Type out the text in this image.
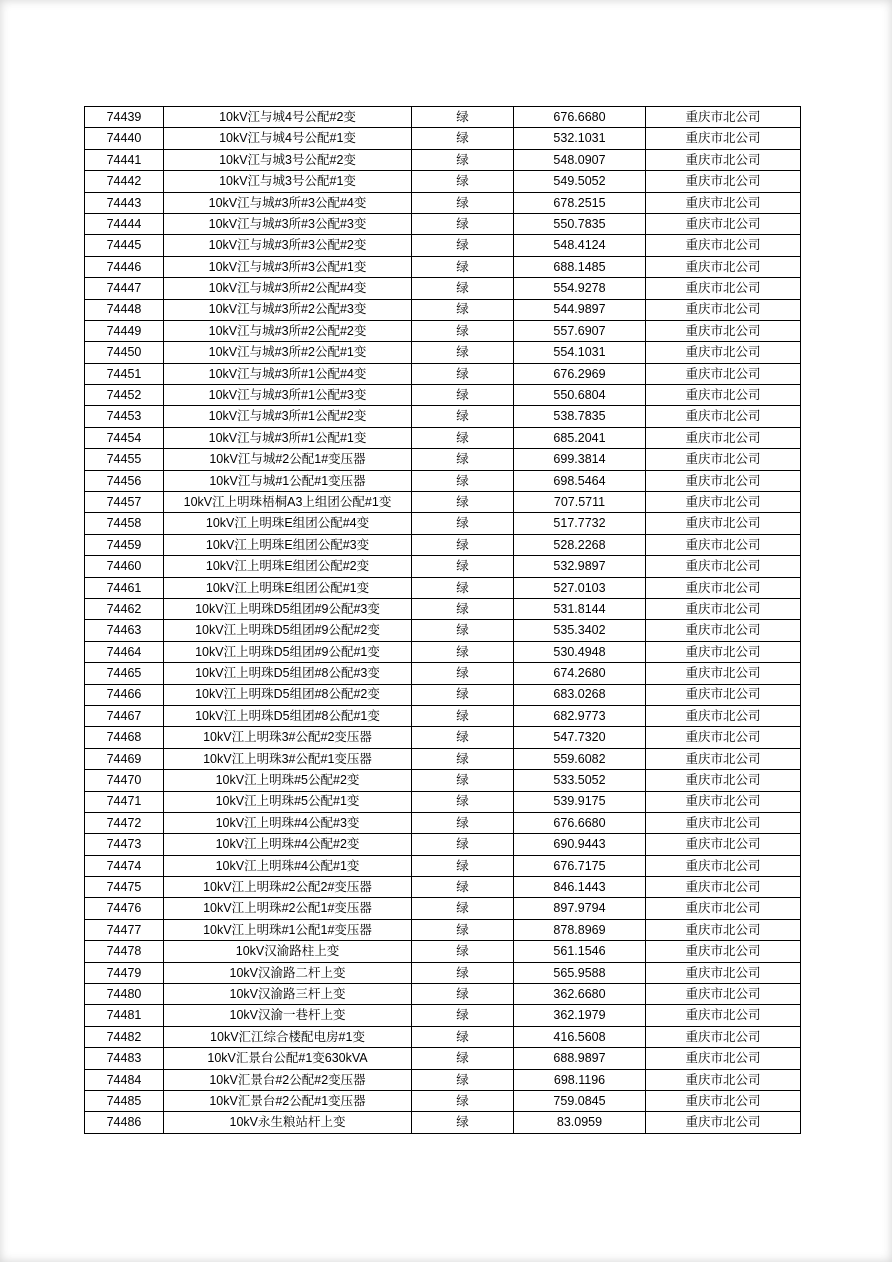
74439	10kV江与城4号公配#2变	绿	676.6680	重庆市北公司
74440	10kV江与城4号公配#1变	绿	532.1031	重庆市北公司
74441	10kV江与城3号公配#2变	绿	548.0907	重庆市北公司
74442	10kV江与城3号公配#1变	绿	549.5052	重庆市北公司
74443	10kV江与城#3所#3公配#4变	绿	678.2515	重庆市北公司
74444	10kV江与城#3所#3公配#3变	绿	550.7835	重庆市北公司
74445	10kV江与城#3所#3公配#2变	绿	548.4124	重庆市北公司
74446	10kV江与城#3所#3公配#1变	绿	688.1485	重庆市北公司
74447	10kV江与城#3所#2公配#4变	绿	554.9278	重庆市北公司
74448	10kV江与城#3所#2公配#3变	绿	544.9897	重庆市北公司
74449	10kV江与城#3所#2公配#2变	绿	557.6907	重庆市北公司
74450	10kV江与城#3所#2公配#1变	绿	554.1031	重庆市北公司
74451	10kV江与城#3所#1公配#4变	绿	676.2969	重庆市北公司
74452	10kV江与城#3所#1公配#3变	绿	550.6804	重庆市北公司
74453	10kV江与城#3所#1公配#2变	绿	538.7835	重庆市北公司
74454	10kV江与城#3所#1公配#1变	绿	685.2041	重庆市北公司
74455	10kV江与城#2公配1#变压器	绿	699.3814	重庆市北公司
74456	10kV江与城#1公配#1变压器	绿	698.5464	重庆市北公司
74457	10kV江上明珠梧桐A3上组团公配#1变	绿	707.5711	重庆市北公司
74458	10kV江上明珠E组团公配#4变	绿	517.7732	重庆市北公司
74459	10kV江上明珠E组团公配#3变	绿	528.2268	重庆市北公司
74460	10kV江上明珠E组团公配#2变	绿	532.9897	重庆市北公司
74461	10kV江上明珠E组团公配#1变	绿	527.0103	重庆市北公司
74462	10kV江上明珠D5组团#9公配#3变	绿	531.8144	重庆市北公司
74463	10kV江上明珠D5组团#9公配#2变	绿	535.3402	重庆市北公司
74464	10kV江上明珠D5组团#9公配#1变	绿	530.4948	重庆市北公司
74465	10kV江上明珠D5组团#8公配#3变	绿	674.2680	重庆市北公司
74466	10kV江上明珠D5组团#8公配#2变	绿	683.0268	重庆市北公司
74467	10kV江上明珠D5组团#8公配#1变	绿	682.9773	重庆市北公司
74468	10kV江上明珠3#公配#2变压器	绿	547.7320	重庆市北公司
74469	10kV江上明珠3#公配#1变压器	绿	559.6082	重庆市北公司
74470	10kV江上明珠#5公配#2变	绿	533.5052	重庆市北公司
74471	10kV江上明珠#5公配#1变	绿	539.9175	重庆市北公司
74472	10kV江上明珠#4公配#3变	绿	676.6680	重庆市北公司
74473	10kV江上明珠#4公配#2变	绿	690.9443	重庆市北公司
74474	10kV江上明珠#4公配#1变	绿	676.7175	重庆市北公司
74475	10kV江上明珠#2公配2#变压器	绿	846.1443	重庆市北公司
74476	10kV江上明珠#2公配1#变压器	绿	897.9794	重庆市北公司
74477	10kV江上明珠#1公配1#变压器	绿	878.8969	重庆市北公司
74478	10kV汉渝路柱上变	绿	561.1546	重庆市北公司
74479	10kV汉渝路二杆上变	绿	565.9588	重庆市北公司
74480	10kV汉渝路三杆上变	绿	362.6680	重庆市北公司
74481	10kV汉渝一巷杆上变	绿	362.1979	重庆市北公司
74482	10kV汇江综合楼配电房#1变	绿	416.5608	重庆市北公司
74483	10kV汇景台公配#1变630kVA	绿	688.9897	重庆市北公司
74484	10kV汇景台#2公配#2变压器	绿	698.1196	重庆市北公司
74485	10kV汇景台#2公配#1变压器	绿	759.0845	重庆市北公司
74486	10kV永生粮站杆上变	绿	83.0959	重庆市北公司
